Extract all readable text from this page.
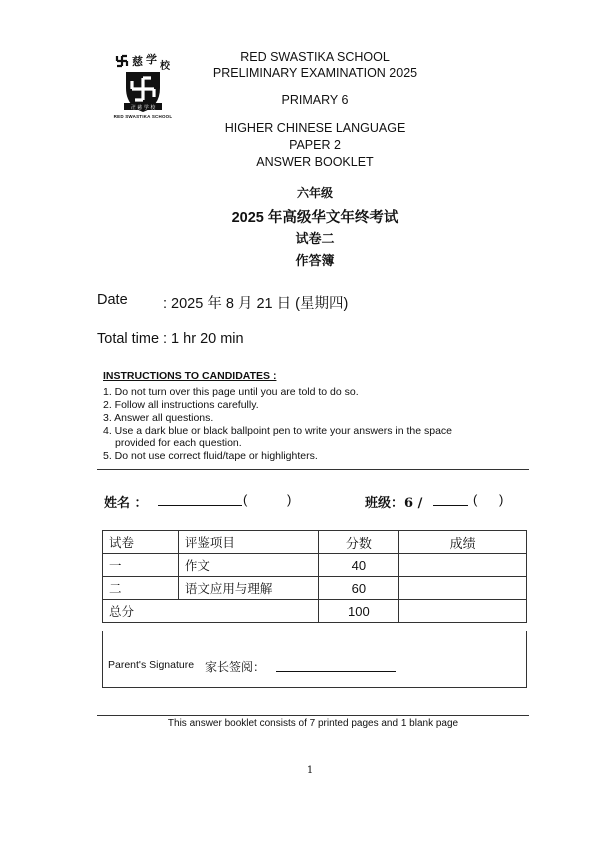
慈 学
校
卍 慈 学 校
RED SWASTIKA SCHOOL
RED SWASTIKA SCHOOL
PRELIMINARY EXAMINATION 2025
PRIMARY 6
HIGHER CHINESE LANGUAGE
PAPER 2
ANSWER BOOKLET
六年级
2025 年高级华文年终考试
试卷二
作答簿
Date : 2025 年 8 月 21 日 (星期四)
Total time : 1 hr 20 min
INSTRUCTIONS TO CANDIDATES :
1. Do not turn over this page until you are told to do so.
2. Follow all instructions carefully.
3. Answer all questions.
4. Use a dark blue or black ballpoint pen to write your answers in the space
provided for each question.
5. Do not use correct fluid/tape or highlighters.
姓名 ：	(           )	班级：6 /	(      )
试卷	评鉴项目	分数	成绩
一	作文	40	
二	语文应用与理解	60	
总分		100	
Parent's Signature 家长签阅：
This answer booklet consists of 7 printed pages and 1 blank page
1
